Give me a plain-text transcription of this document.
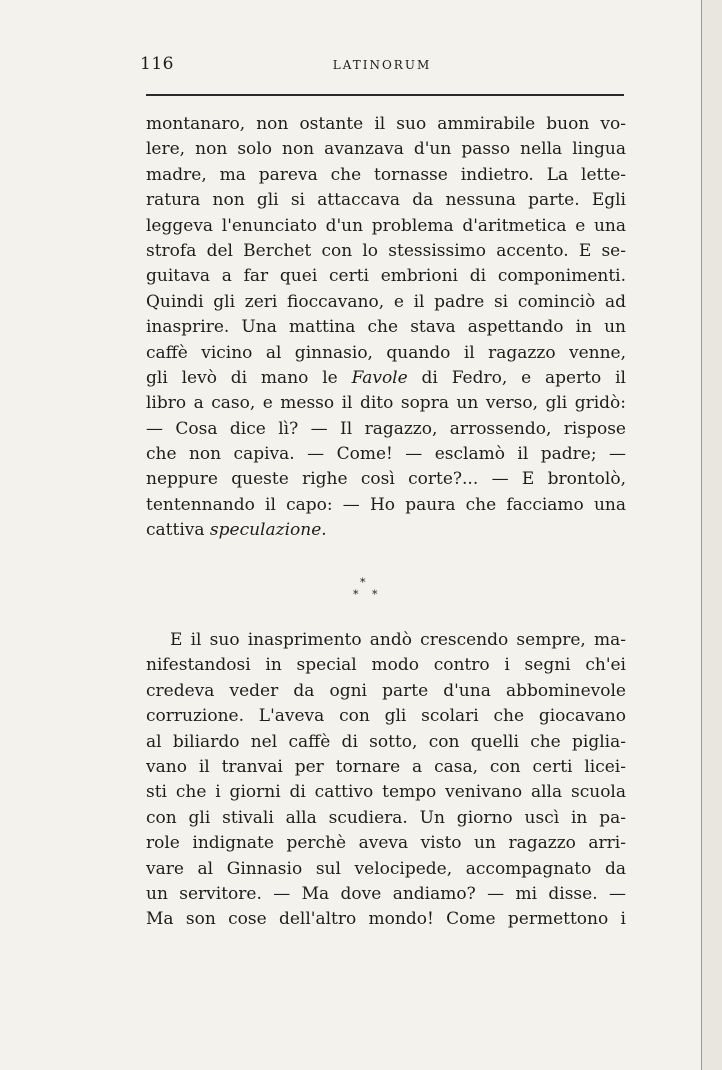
116	LATINORUM
montanaro, non ostante il suo ammirabile buon vo-
lere, non solo non avanzava d'un passo nella lingua
madre, ma pareva che tornasse indietro. La lette-
ratura non gli si attaccava da nessuna parte. Egli
leggeva l'enunciato d'un problema d'aritmetica e una
strofa del Berchet con lo stessissimo accento. E se-
guitava a far quei certi embrioni di componimenti.
Quindi gli zeri fioccavano, e il padre si cominciò ad
inasprire. Una mattina che stava aspettando in un
caffè vicino al ginnasio, quando il ragazzo venne,
gli levò di mano le Favole di Fedro, e aperto il
libro a caso, e messo il dito sopra un verso, gli gridò:
— Cosa dice lì? — Il ragazzo, arrossendo, rispose
che non capiva. — Come! — esclamò il padre; —
neppure queste righe così corte?... — E brontolò,
tentennando il capo: — Ho paura che facciamo una
cattiva speculazione.
*
* *
E il suo inasprimento andò crescendo sempre, ma-
nifestandosi in special modo contro i segni ch'ei
credeva veder da ogni parte d'una abbominevole
corruzione. L'aveva con gli scolari che giocavano
al biliardo nel caffè di sotto, con quelli che piglia-
vano il tranvai per tornare a casa, con certi licei-
sti che i giorni di cattivo tempo venivano alla scuola
con gli stivali alla scudiera. Un giorno uscì in pa-
role indignate perchè aveva visto un ragazzo arri-
vare al Ginnasio sul velocipede, accompagnato da
un servitore. — Ma dove andiamo? — mi disse. —
Ma son cose dell'altro mondo! Come permettono i
